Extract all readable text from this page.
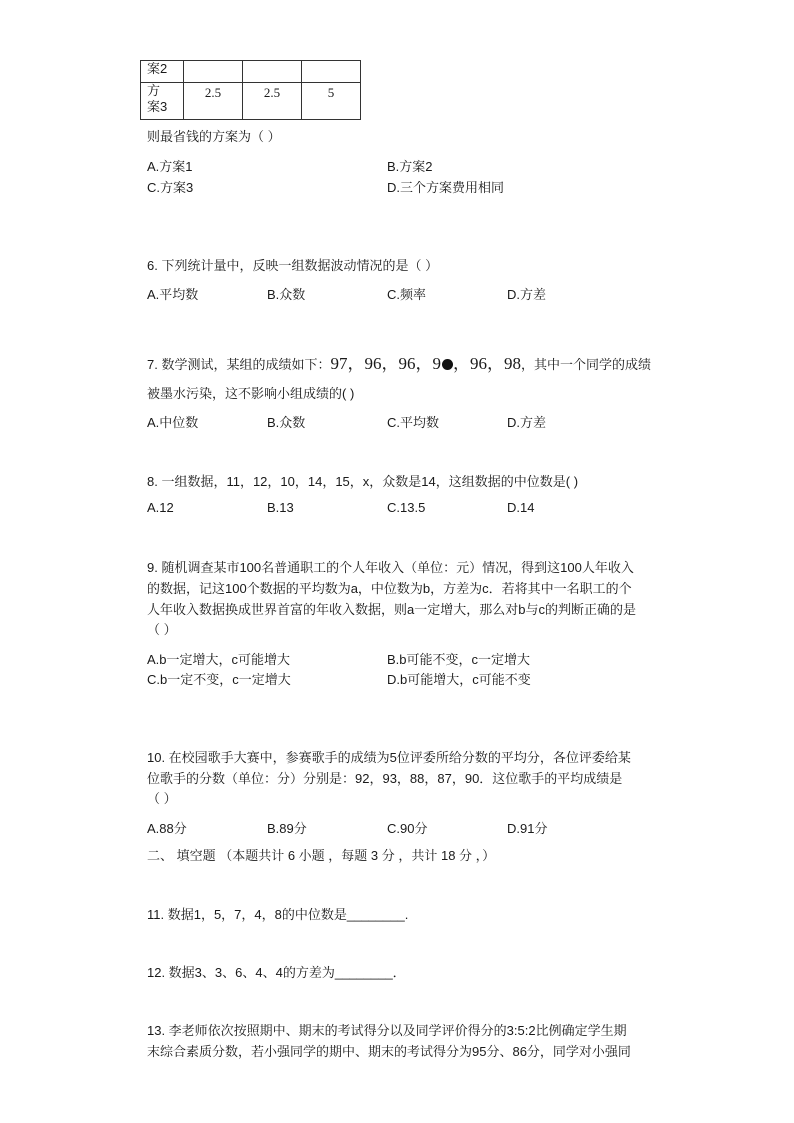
案2			
方
案3	2.5	2.5	5
则最省钱的方案为（ ）
A.方案1	B.方案2
C.方案3	D.三个方案费用相同
6. 下列统计量中，反映一组数据波动情况的是（ ）
A.平均数	B.众数	C.频率	D.方差
7. 数学测试，某组的成绩如下：97，96，96，9 ，96，98，其中一个同学的成绩
被墨水污染，这不影响小组成绩的( )
A.中位数	B.众数	C.平均数	D.方差
8. 一组数据，11，12，10，14，15，x，众数是14，这组数据的中位数是( )
A.12	B.13	C.13.5	D.14
9. 随机调查某市100名普通职工的个人年收入（单位：元）情况，得到这100人年收入
的数据，记这100个数据的平均数为a，中位数为b，方差为c．若将其中一名职工的个
人年收入数据换成世界首富的年收入数据，则a一定增大，那么对b与c的判断正确的是
（ ）
A.b一定增大，c可能增大	B.b可能不变，c一定增大
C.b一定不变，c一定增大	D.b可能增大，c可能不变
10. 在校园歌手大赛中，参赛歌手的成绩为5位评委所给分数的平均分，各位评委给某
位歌手的分数（单位：分）分别是：92，93，88，87，90．这位歌手的平均成绩是
（ ）
A.88分	B.89分	C.90分	D.91分
二、 填空题 （本题共计 6 小题 ，每题 3 分 ，共计 18 分 ，）
11. 数据1，5，7，4，8的中位数是________.
12. 数据3、3、6、4、4的方差为________．
13. 李老师依次按照期中、期末的考试得分以及同学评价得分的3:5:2比例确定学生期
末综合素质分数，若小强同学的期中、期末的考试得分为95分、86分，同学对小强同
